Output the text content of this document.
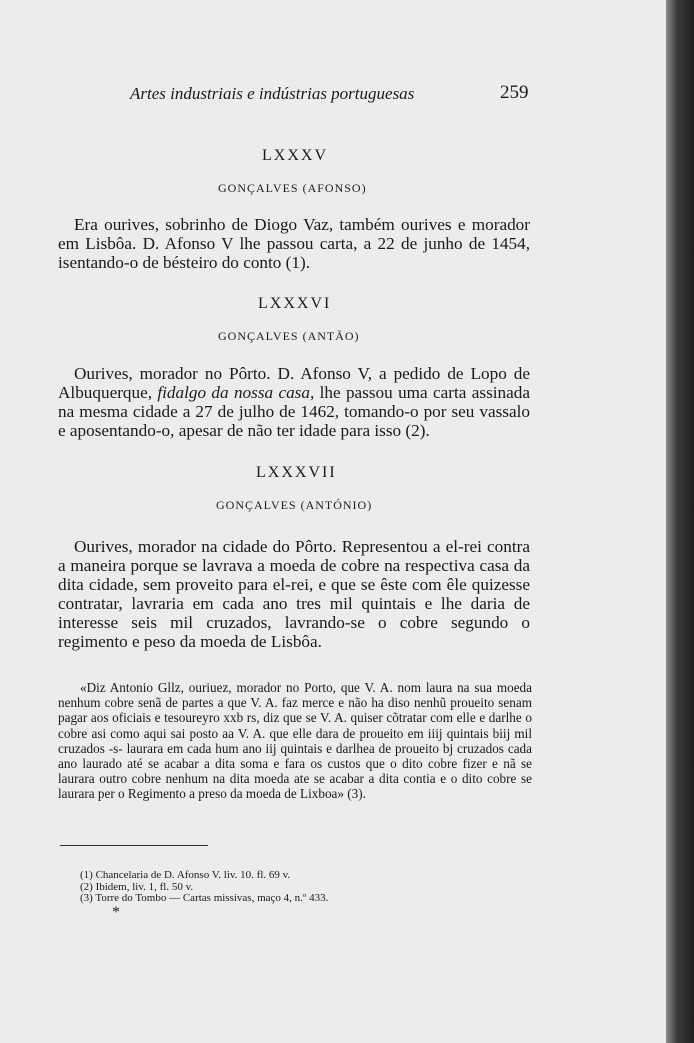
Artes industriais e indústrias portuguesas	259
LXXXV
GONÇALVES (AFONSO)
Era ourives, sobrinho de Diogo Vaz, também ourives e morador em Lisbôa. D. Afonso V lhe passou carta, a 22 de junho de 1454, isentando-o de bésteiro do conto (1).
LXXXVI
GONÇALVES (ANTÃO)
Ourives, morador no Pôrto. D. Afonso V, a pedido de Lopo de Albuquerque, fidalgo da nossa casa, lhe passou uma carta assinada na mesma cidade a 27 de julho de 1462, tomando-o por seu vassalo e aposentando-o, apesar de não ter idade para isso (2).
LXXXVII
GONÇALVES (ANTÓNIO)
Ourives, morador na cidade do Pôrto. Representou a el-rei contra a maneira porque se lavrava a moeda de cobre na respectiva casa da dita cidade, sem proveito para el-rei, e que se êste com êle quizesse contratar, lavraria em cada ano tres mil quintais e lhe daria de interesse seis mil cruzados, lavrando-se o cobre segundo o regimento e peso da moeda de Lisbôa.
«Diz Antonio Gllz, ouriuez, morador no Porto, que V. A. nom laura na sua moeda nenhum cobre senã de partes a que V. A. faz merce e não ha diso nenhũ proueito senam pagar aos oficiais e tesoureyro xxb rs, diz que se V. A. quiser cõtratar com elle e darlhe o cobre asi como aqui sai posto aa V. A. que elle dara de proueito em iiij quintais biij mil cruzados -s- laurara em cada hum ano iij quintais e darlhea de proueito bj cruzados cada ano laurado até se acabar a dita soma e fara os custos que o dito cobre fizer e nã se laurara outro cobre nenhum na dita moeda ate se acabar a dita contia e o dito cobre se laurara per o Regimento a preso da moeda de Lixboa» (3).
(1) Chancelaria de D. Afonso V. liv. 10. fl. 69 v.
(2) Ibidem, liv. 1, fl. 50 v.
(3) Torre do Tombo — Cartas missivas, maço 4, n.º 433.
*
